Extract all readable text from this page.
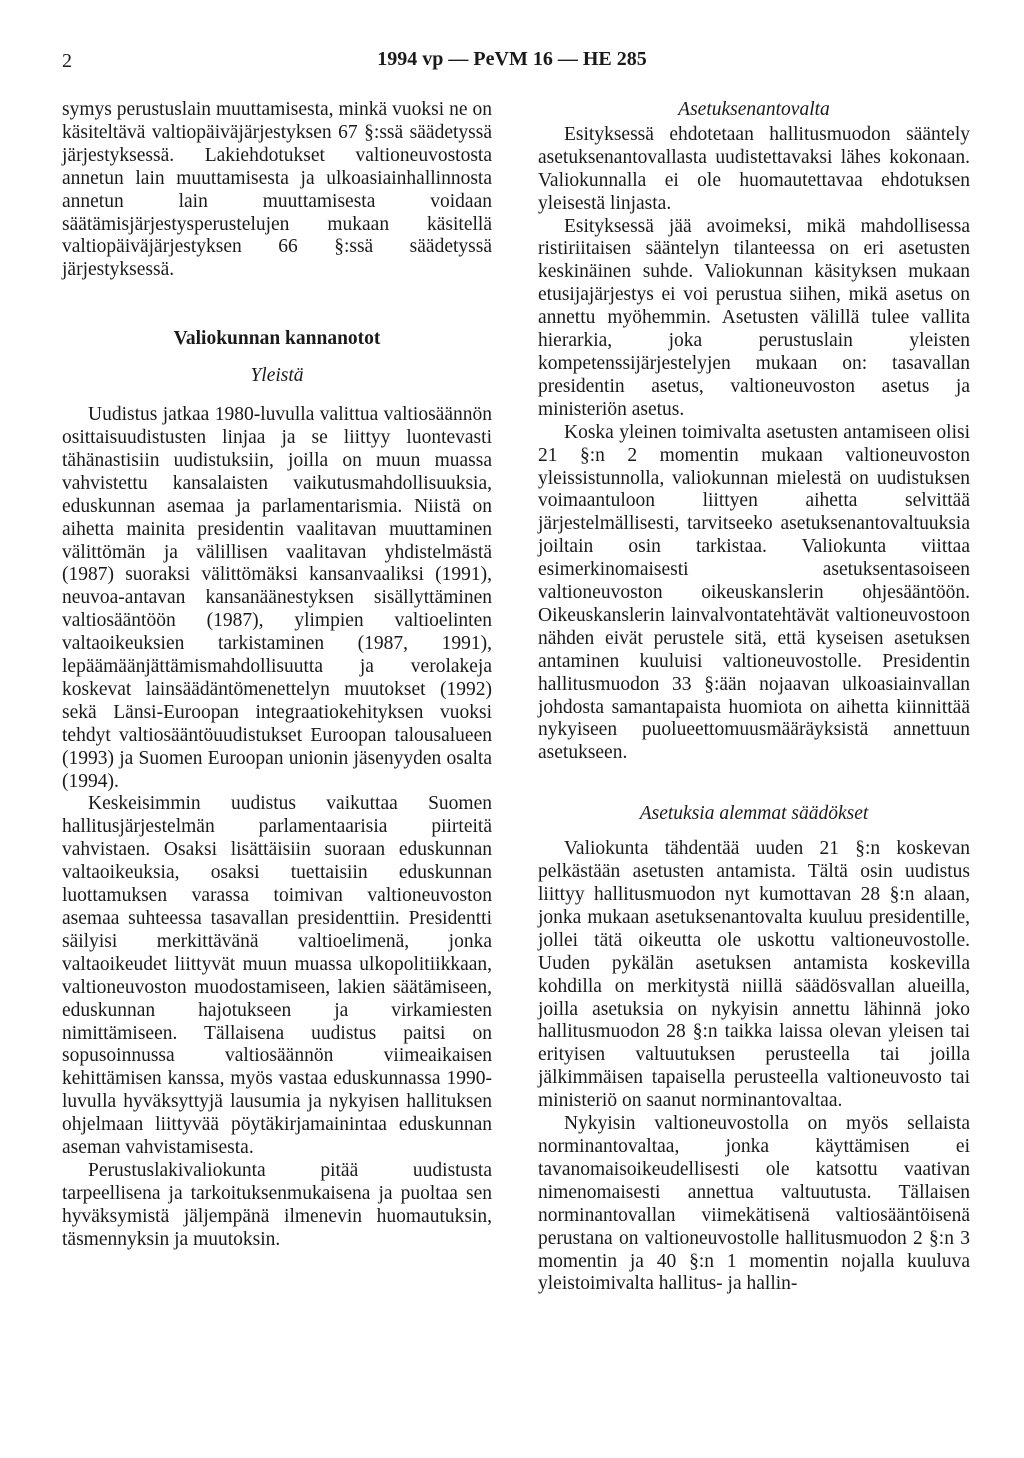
2	1994 vp — PeVM 16 — HE 285

symys perustuslain muuttamisesta, minkä vuoksi ne on käsiteltävä valtiopäiväjärjestyksen 67 §:ssä säädetyssä järjestyksessä. Lakiehdotukset valtioneuvostosta annetun lain muuttamisesta ja ulkoasiainhallinnosta annetun lain muuttamisesta voidaan säätämisjärjestysperustelujen mukaan käsitellä valtiopäiväjärjestyksen 66 §:ssä säädetyssä järjestyksessä.

Valiokunnan kannanotot
Yleistä

Uudistus jatkaa 1980-luvulla valittua valtiosäännön osittaisuudistusten linjaa ja se liittyy luontevasti tähänastisiin uudistuksiin, joilla on muun muassa vahvistettu kansalaisten vaikutusmahdollisuuksia, eduskunnan asemaa ja parlamentarismia. Niistä on aihetta mainita presidentin vaalitavan muuttaminen välittömän ja välillisen vaalitavan yhdistelmästä (1987) suoraksi välittömäksi kansanvaaliksi (1991), neuvoa-antavan kansanäänestyksen sisällyttäminen valtiosääntöön (1987), ylimpien valtioelinten valtaoikeuksien tarkistaminen (1987, 1991), lepäämäänjättämismahdollisuutta ja verolakeja koskevat lainsäädäntömenettelyn muutokset (1992) sekä Länsi-Euroopan integraatiokehityksen vuoksi tehdyt valtiosääntöuudistukset Euroopan talousalueen (1993) ja Suomen Euroopan unionin jäsenyyden osalta (1994).

Keskeisimmin uudistus vaikuttaa Suomen hallitusjärjestelmän parlamentaarisia piirteitä vahvistaen. Osaksi lisättäisiin suoraan eduskunnan valtaoikeuksia, osaksi tuettaisiin eduskunnan luottamuksen varassa toimivan valtioneuvoston asemaa suhteessa tasavallan presidenttiin. Presidentti säilyisi merkittävänä valtioelimenä, jonka valtaoikeudet liittyvät muun muassa ulkopolitiikkaan, valtioneuvoston muodostamiseen, lakien säätämiseen, eduskunnan hajotukseen ja virkamiesten nimittämiseen. Tällaisena uudistus paitsi on sopusoinnussa valtiosäännön viimeaikaisen kehittämisen kanssa, myös vastaa eduskunnassa 1990-luvulla hyväksyttyjä lausumia ja nykyisen hallituksen ohjelmaan liittyvää pöytäkirjamainintaa eduskunnan aseman vahvistamisesta.

Perustuslakivaliokunta pitää uudistusta tarpeellisena ja tarkoituksenmukaisena ja puoltaa sen hyväksymistä jäljempänä ilmenevin huomautuksin, täsmennyksin ja muutoksin.

Asetuksenantovalta

Esityksessä ehdotetaan hallitusmuodon sääntely asetuksenantovallasta uudistettavaksi lähes kokonaan. Valiokunnalla ei ole huomautettavaa ehdotuksen yleisestä linjasta.

Esityksessä jää avoimeksi, mikä mahdollisessa ristiriitaisen sääntelyn tilanteessa on eri asetusten keskinäinen suhde. Valiokunnan käsityksen mukaan etusijajärjestys ei voi perustua siihen, mikä asetus on annettu myöhemmin. Asetusten välillä tulee vallita hierarkia, joka perustuslain yleisten kompetenssijärjestelyjen mukaan on: tasavallan presidentin asetus, valtioneuvoston asetus ja ministeriön asetus.

Koska yleinen toimivalta asetusten antamiseen olisi 21 §:n 2 momentin mukaan valtioneuvoston yleissistunnolla, valiokunnan mielestä on uudistuksen voimaantuloon liittyen aihetta selvittää järjestelmällisesti, tarvitseeko asetuksenantovaltuuksia joiltain osin tarkistaa. Valiokunta viittaa esimerkinomaisesti asetuksentasoiseen valtioneuvoston oikeuskanslerin ohjesääntöön. Oikeuskanslerin lainvalvontatehtävät valtioneuvostoon nähden eivät perustele sitä, että kyseisen asetuksen antaminen kuuluisi valtioneuvostolle. Presidentin hallitusmuodon 33 §:ään nojaavan ulkoasiainvallan johdosta samantapaista huomiota on aihetta kiinnittää nykyiseen puolueettomuusmääräyksistä annettuun asetukseen.

Asetuksia alemmat säädökset

Valiokunta tähdentää uuden 21 §:n koskevan pelkästään asetusten antamista. Tältä osin uudistus liittyy hallitusmuodon nyt kumottavan 28 §:n alaan, jonka mukaan asetuksenantovalta kuuluu presidentille, jollei tätä oikeutta ole uskottu valtioneuvostolle. Uuden pykälän asetuksen antamista koskevilla kohdilla on merkitystä niillä säädösvallan alueilla, joilla asetuksia on nykyisin annettu lähinnä joko hallitusmuodon 28 §:n taikka laissa olevan yleisen tai erityisen valtuutuksen perusteella tai joilla jälkimmäisen tapaisella perusteella valtioneuvosto tai ministeriö on saanut norminantovaltaa.

Nykyisin valtioneuvostolla on myös sellaista norminantovaltaa, jonka käyttämisen ei tavanomaisoikeudellisesti ole katsottu vaativan nimenomaisesti annettua valtuutusta. Tällaisen norminantovallan viimekätisenä valtiosääntöisenä perustana on valtioneuvostolle hallitusmuodon 2 §:n 3 momentin ja 40 §:n 1 momentin nojalla kuuluva yleistoimivalta hallitus- ja hallin-
